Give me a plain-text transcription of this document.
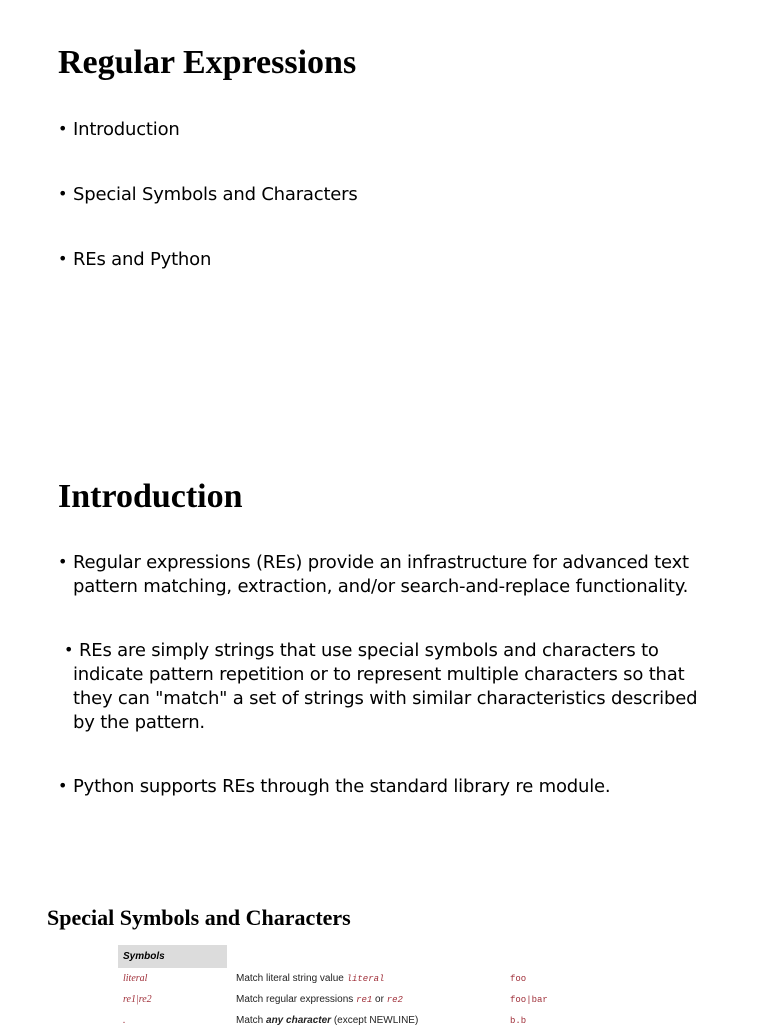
Regular Expressions
• Introduction
• Special Symbols and Characters
• REs and Python
Introduction
• Regular expressions (REs) provide an infrastructure for advanced text pattern matching, extraction, and/or search-and-replace functionality.
• REs are simply strings that use special symbols and characters to indicate pattern repetition or to represent multiple characters so that they can "match" a set of strings with similar characteristics described by the pattern.
• Python supports REs through the standard library re module.
Special Symbols and Characters
Symbols
literal	Match literal string value literal	foo
re1|re2	Match regular expressions re1 or re2	foo|bar
.	Match any character (except NEWLINE)	b.b
